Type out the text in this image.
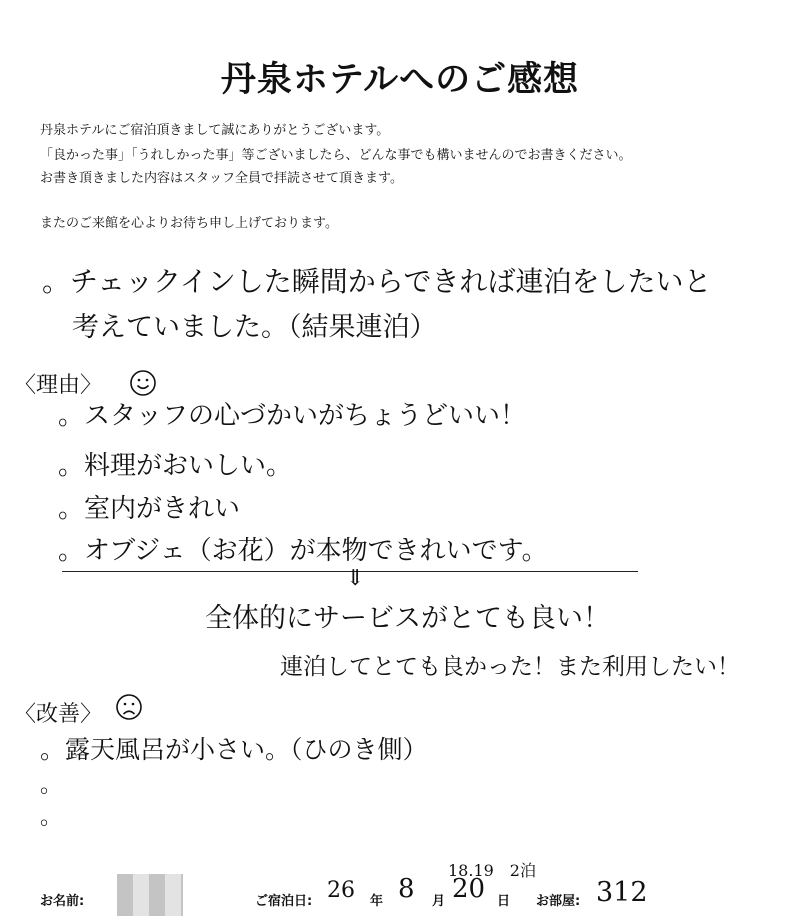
丹泉ホテルへのご感想
丹泉ホテルにご宿泊頂きまして誠にありがとうございます。
「良かった事」「うれしかった事」等ございましたら、どんな事でも構いませんのでお書きください。
お書き頂きました内容はスタッフ全員で拝読させて頂きます。
またのご来館を心よりお待ち申し上げております。
。チェックインした瞬間からできれば連泊をしたいと
考えていました。（結果連泊）
〈理由〉
。スタッフの心づかいがちょうどいい！
。料理がおいしい。
。室内がきれい
。オブジェ（お花）が本物できれいです。
⇓
全体的にサービスがとても良い！
連泊してとても良かった！また利用したい！
〈改善〉
。露天風呂が小さい。（ひのき側）
。
。
18.19　2泊
お名前:	ご宿泊日: 26 年 8 月 20 日 お部屋: 312
